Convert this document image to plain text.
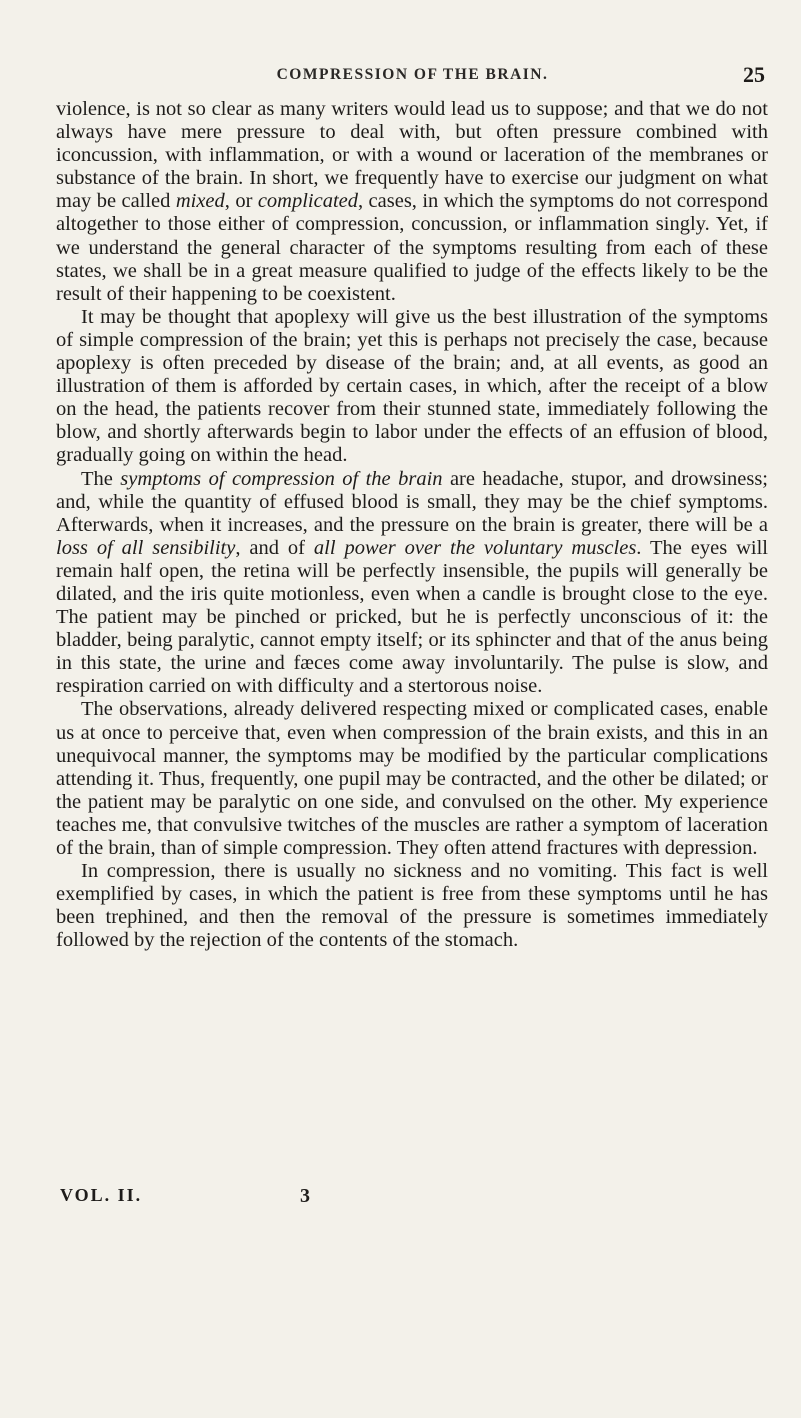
COMPRESSION OF THE BRAIN.	25

violence, is not so clear as many writers would lead us to suppose; and that we do not always have mere pressure to deal with, but often pressure combined with iconcussion, with inflammation, or with a wound or laceration of the membranes or substance of the brain. In short, we frequently have to exercise our judgment on what may be called mixed, or complicated, cases, in which the symptoms do not correspond altogether to those either of compression, concussion, or inflammation singly. Yet, if we understand the general character of the symptoms resulting from each of these states, we shall be in a great measure qualified to judge of the effects likely to be the result of their happening to be coexistent.

It may be thought that apoplexy will give us the best illustration of the symptoms of simple compression of the brain; yet this is perhaps not precisely the case, because apoplexy is often preceded by disease of the brain; and, at all events, as good an illustration of them is afforded by certain cases, in which, after the receipt of a blow on the head, the patients recover from their stunned state, immediately following the blow, and shortly afterwards begin to labor under the effects of an effusion of blood, gradually going on within the head.

The symptoms of compression of the brain are headache, stupor, and drowsiness; and, while the quantity of effused blood is small, they may be the chief symptoms. Afterwards, when it increases, and the pressure on the brain is greater, there will be a loss of all sensibility, and of all power over the voluntary muscles. The eyes will remain half open, the retina will be perfectly insensible, the pupils will generally be dilated, and the iris quite motionless, even when a candle is brought close to the eye. The patient may be pinched or pricked, but he is perfectly unconscious of it: the bladder, being paralytic, cannot empty itself; or its sphincter and that of the anus being in this state, the urine and fæces come away involuntarily. The pulse is slow, and respiration carried on with difficulty and a stertorous noise.

The observations, already delivered respecting mixed or complicated cases, enable us at once to perceive that, even when compression of the brain exists, and this in an unequivocal manner, the symptoms may be modified by the particular complications attending it. Thus, frequently, one pupil may be contracted, and the other be dilated; or the patient may be paralytic on one side, and convulsed on the other. My experience teaches me, that convulsive twitches of the muscles are rather a symptom of laceration of the brain, than of simple compression. They often attend fractures with depression.

In compression, there is usually no sickness and no vomiting. This fact is well exemplified by cases, in which the patient is free from these symptoms until he has been trephined, and then the removal of the pressure is sometimes immediately followed by the rejection of the contents of the stomach.

VOL. II.	3
